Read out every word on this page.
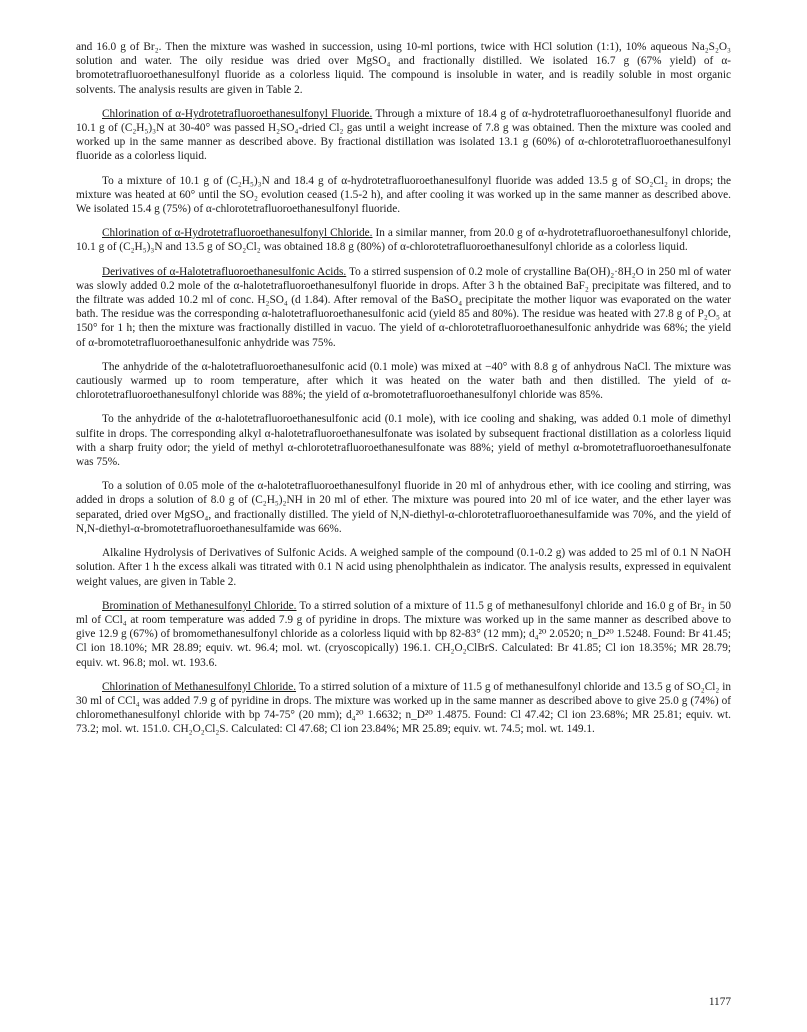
and 16.0 g of Br₂. Then the mixture was washed in succession, using 10-ml portions, twice with HCl solution (1:1), 10% aqueous Na₂S₂O₃ solution and water. The oily residue was dried over MgSO₄ and fractionally distilled. We isolated 16.7 g (67% yield) of α-bromotetrafluoroethanesulfonyl fluoride as a colorless liquid. The compound is insoluble in water, and is readily soluble in most organic solvents. The analysis results are given in Table 2.

Chlorination of α-Hydrotetrafluoroethanesulfonyl Fluoride. Through a mixture of 18.4 g of α-hydrotetrafluoroethanesulfonyl fluoride and 10.1 g of (C₂H₅)₃N at 30-40° was passed H₂SO₄-dried Cl₂ gas until a weight increase of 7.8 g was obtained. Then the mixture was cooled and worked up in the same manner as described above. By fractional distillation was isolated 13.1 g (60%) of α-chlorotetrafluoroethanesulfonyl fluoride as a colorless liquid.

To a mixture of 10.1 g of (C₂H₅)₃N and 18.4 g of α-hydrotetrafluoroethanesulfonyl fluoride was added 13.5 g of SO₂Cl₂ in drops; the mixture was heated at 60° until the SO₂ evolution ceased (1.5-2 h), and after cooling it was worked up in the same manner as described above. We isolated 15.4 g (75%) of α-chlorotetrafluoroethanesulfonyl fluoride.

Chlorination of α-Hydrotetrafluoroethanesulfonyl Chloride. In a similar manner, from 20.0 g of α-hydrotetrafluoroethanesulfonyl chloride, 10.1 g of (C₂H₅)₃N and 13.5 g of SO₂Cl₂ was obtained 18.8 g (80%) of α-chlorotetrafluoroethanesulfonyl chloride as a colorless liquid.

Derivatives of α-Halotetrafluoroethanesulfonic Acids. To a stirred suspension of 0.2 mole of crystalline Ba(OH)₂·8H₂O in 250 ml of water was slowly added 0.2 mole of the α-halotetrafluoroethanesulfonyl fluoride in drops. After 3 h the obtained BaF₂ precipitate was filtered, and to the filtrate was added 10.2 ml of conc. H₂SO₄ (d 1.84). After removal of the BaSO₄ precipitate the mother liquor was evaporated on the water bath. The residue was the corresponding α-halotetrafluoroethanesulfonic acid (yield 85 and 80%). The residue was heated with 27.8 g of P₂O₅ at 150° for 1 h; then the mixture was fractionally distilled in vacuo. The yield of α-chlorotetrafluoroethanesulfonic anhydride was 68%; the yield of α-bromotetrafluoroethanesulfonic anhydride was 75%.

The anhydride of the α-halotetrafluoroethanesulfonic acid (0.1 mole) was mixed at −40° with 8.8 g of anhydrous NaCl. The mixture was cautiously warmed up to room temperature, after which it was heated on the water bath and then distilled. The yield of α-chlorotetrafluoroethanesulfonyl chloride was 88%; the yield of α-bromotetrafluoroethanesulfonyl chloride was 85%.

To the anhydride of the α-halotetrafluoroethanesulfonic acid (0.1 mole), with ice cooling and shaking, was added 0.1 mole of dimethyl sulfite in drops. The corresponding alkyl α-halotetrafluoroethanesulfonate was isolated by subsequent fractional distillation as a colorless liquid with a sharp fruity odor; the yield of methyl α-chlorotetrafluoroethanesulfonate was 88%; yield of methyl α-bromotetrafluoroethanesulfonate was 75%.

To a solution of 0.05 mole of the α-halotetrafluoroethanesulfonyl fluoride in 20 ml of anhydrous ether, with ice cooling and stirring, was added in drops a solution of 8.0 g of (C₂H₅)₂NH in 20 ml of ether. The mixture was poured into 20 ml of ice water, and the ether layer was separated, dried over MgSO₄, and fractionally distilled. The yield of N,N-diethyl-α-chlorotetrafluoroethanesulfamide was 70%, and the yield of N,N-diethyl-α-bromotetrafluoroethanesulfamide was 66%.

Alkaline Hydrolysis of Derivatives of Sulfonic Acids. A weighed sample of the compound (0.1-0.2 g) was added to 25 ml of 0.1 N NaOH solution. After 1 h the excess alkali was titrated with 0.1 N acid using phenolphthalein as indicator. The analysis results, expressed in equivalent weight values, are given in Table 2.

Bromination of Methanesulfonyl Chloride. To a stirred solution of a mixture of 11.5 g of methanesulfonyl chloride and 16.0 g of Br₂ in 50 ml of CCl₄ at room temperature was added 7.9 g of pyridine in drops. The mixture was worked up in the same manner as described above to give 12.9 g (67%) of bromomethanesulfonyl chloride as a colorless liquid with bp 82-83° (12 mm); d₄²⁰ 2.0520; n_D²⁰ 1.5248. Found: Br 41.45; Cl ion 18.10%; MR 28.89; equiv. wt. 96.4; mol. wt. (cryoscopically) 196.1. CH₂O₂ClBrS. Calculated: Br 41.85; Cl ion 18.35%; MR 28.79; equiv. wt. 96.8; mol. wt. 193.6.

Chlorination of Methanesulfonyl Chloride. To a stirred solution of a mixture of 11.5 g of methanesulfonyl chloride and 13.5 g of SO₂Cl₂ in 30 ml of CCl₄ was added 7.9 g of pyridine in drops. The mixture was worked up in the same manner as described above to give 25.0 g (74%) of chloromethanesulfonyl chloride with bp 74-75° (20 mm); d₄²⁰ 1.6632; n_D²⁰ 1.4875. Found: Cl 47.42; Cl ion 23.68%; MR 25.81; equiv. wt. 73.2; mol. wt. 151.0. CH₂O₂Cl₂S. Calculated: Cl 47.68; Cl ion 23.84%; MR 25.89; equiv. wt. 74.5; mol. wt. 149.1.

1177
